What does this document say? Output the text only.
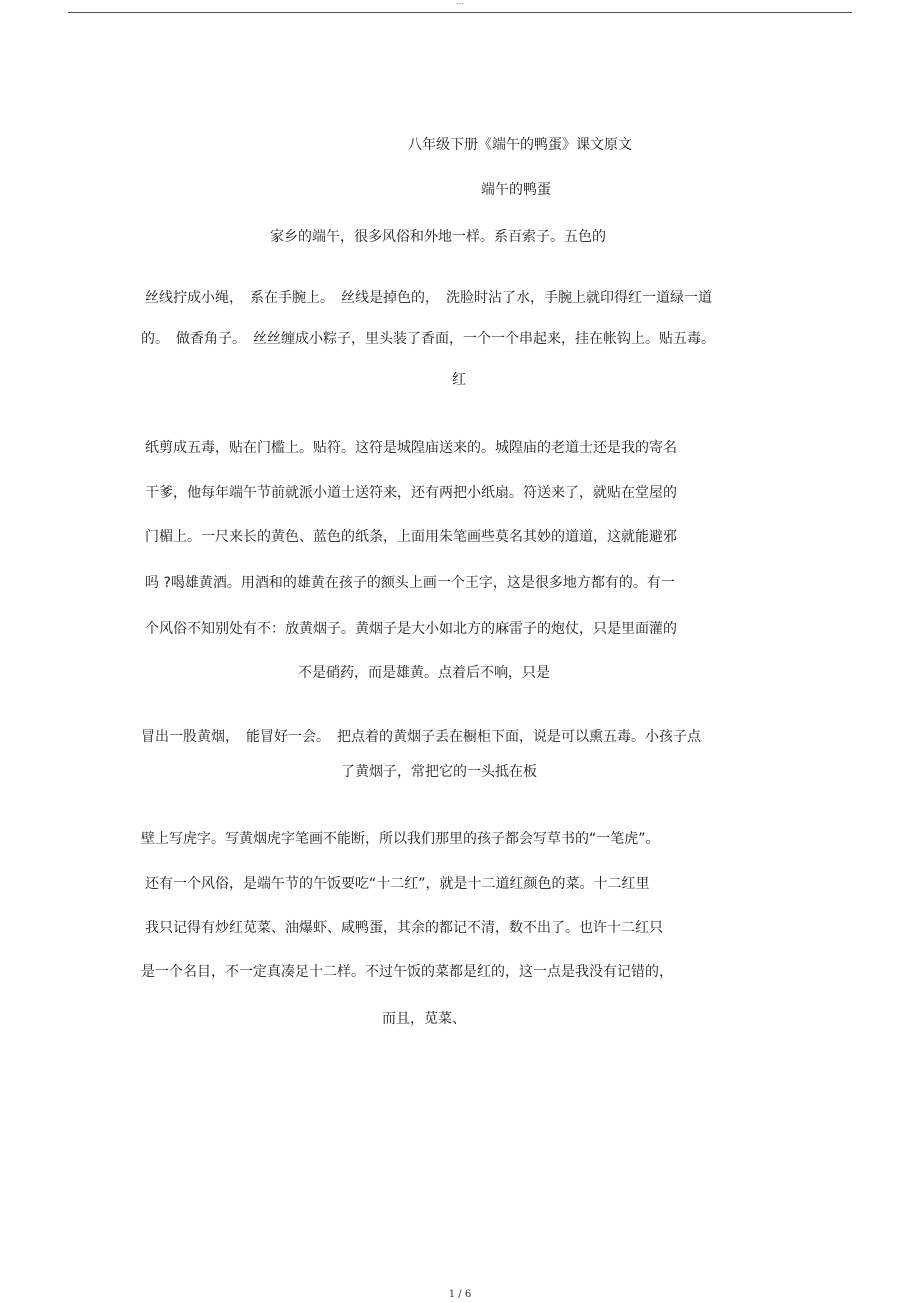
---
八年级下册《端午的鸭蛋》课文原文
端午的鸭蛋
家乡的端午，很多风俗和外地一样。系百索子。五色的
丝线拧成小绳，　系在手腕上。　丝线是掉色的，　洗脸时沾了水，手腕上就印得红一道绿一道
的。　做香角子。　丝丝缠成小粽子，里头装了香面，一个一个串起来，挂在帐钩上。贴五毒。
红
纸剪成五毒，贴在门槛上。贴符。这符是城隍庙送来的。城隍庙的老道士还是我的寄名
干爹，他每年端午节前就派小道士送符来，还有两把小纸扇。符送来了，就贴在堂屋的
门楣上。一尺来长的黄色、蓝色的纸条，上面用朱笔画些莫名其妙的道道，这就能避邪
吗 ?喝雄黄酒。用酒和的雄黄在孩子的额头上画一个王字，这是很多地方都有的。有一
个风俗不知别处有不：放黄烟子。黄烟子是大小如北方的麻雷子的炮仗，只是里面灌的
不是硝药，而是雄黄。点着后不响，只是
冒出一股黄烟，　能冒好一会。　把点着的黄烟子丢在橱柜下面，说是可以熏五毒。小孩子点
了黄烟子，常把它的一头抵在板
壁上写虎字。写黄烟虎字笔画不能断，所以我们那里的孩子都会写草书的“一笔虎”。
还有一个风俗，是端午节的午饭要吃“十二红”，就是十二道红颜色的菜。十二红里
我只记得有炒红苋菜、油爆虾、咸鸭蛋，其余的都记不清，数不出了。也许十二红只
是一个名目，不一定真凑足十二样。不过午饭的菜都是红的，这一点是我没有记错的，
而且，苋菜、
1 / 6
